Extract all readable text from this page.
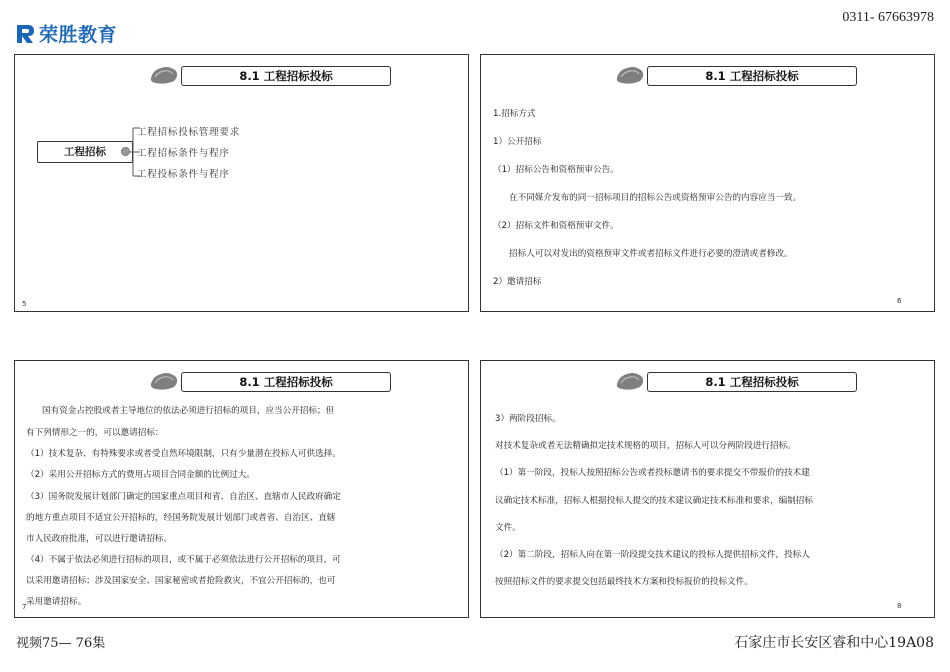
荣胜教育
0311- 67663978
8.1 工程招标投标
工程招标
工程招标投标管理要求
工程招标条件与程序
工程投标条件与程序
5
8.1 工程招标投标
1.招标方式
1）公开招标
（1）招标公告和资格预审公告。
在不同媒介发布的同一招标项目的招标公告或资格预审公告的内容应当一致。
（2）招标文件和资格预审文件。
招标人可以对发出的资格预审文件或者招标文件进行必要的澄清或者修改。
2）邀请招标
6
8.1 工程招标投标
国有资金占控股或者主导地位的依法必须进行招标的项目，应当公开招标；但
有下列情形之一的，可以邀请招标：
（1）技术复杂、有特殊要求或者受自然环境限制，只有少量潜在投标人可供选择。
（2）采用公开招标方式的费用占项目合同金额的比例过大。
（3）国务院发展计划部门确定的国家重点项目和省、自治区、直辖市人民政府确定
的地方重点项目不适宜公开招标的，经国务院发展计划部门或者省、自治区、直辖
市人民政府批准，可以进行邀请招标。
（4）不属于依法必须进行招标的项目，或不属于必须依法进行公开招标的项目，可
以采用邀请招标；涉及国家安全、国家秘密或者抢险救灾，不宜公开招标的，也可
采用邀请招标。
7
8.1 工程招标投标
3）两阶段招标。
对技术复杂或者无法精确拟定技术规格的项目，招标人可以分两阶段进行招标。
（1）第一阶段，投标人按照招标公告或者投标邀请书的要求提交不带报价的技术建
议确定技术标准，招标人根据投标人提交的技术建议确定技术标准和要求，编制招标
文件。
（2）第二阶段，招标人向在第一阶段提交技术建议的投标人提供招标文件，投标人
按照招标文件的要求提交包括最终技术方案和投标报价的投标文件。
8
视频75— 76集	石家庄市长安区睿和中心19A08
